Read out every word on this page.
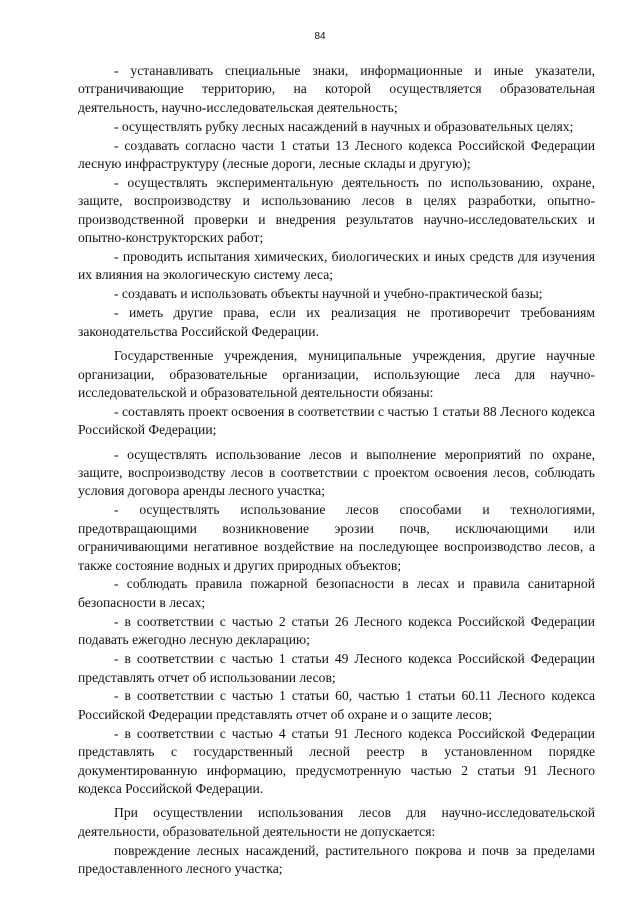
84

- устанавливать специальные знаки, информационные и иные указатели, отграничивающие территорию, на которой осуществляется образовательная деятельность, научно-исследовательская деятельность;

- осуществлять рубку лесных насаждений в научных и образовательных целях;

- создавать согласно части 1 статьи 13 Лесного кодекса Российской Федерации лесную инфраструктуру (лесные дороги, лесные склады и другую);

- осуществлять экспериментальную деятельность по использованию, охране, защите, воспроизводству и использованию лесов в целях разработки, опытно-производственной проверки и внедрения результатов научно-исследовательских и опытно-конструкторских работ;

- проводить испытания химических, биологических и иных средств для изучения их влияния на экологическую систему леса;

- создавать и использовать объекты научной и учебно-практической базы;

- иметь другие права, если их реализация не противоречит требованиям законодательства Российской Федерации.

Государственные учреждения, муниципальные учреждения, другие научные организации, образовательные организации, использующие леса для научно-исследовательской и образовательной деятельности обязаны:

- составлять проект освоения в соответствии с частью 1 статьи 88 Лесного кодекса Российской Федерации;

- осуществлять использование лесов и выполнение мероприятий по охране, защите, воспроизводству лесов в соответствии с проектом освоения лесов, соблюдать условия договора аренды лесного участка;

- осуществлять использование лесов способами и технологиями, предотвращающими возникновение эрозии почв, исключающими или ограничивающими негативное воздействие на последующее воспроизводство лесов, а также состояние водных и других природных объектов;

- соблюдать правила пожарной безопасности в лесах и правила санитарной безопасности в лесах;

- в соответствии с частью 2 статьи 26 Лесного кодекса Российской Федерации подавать ежегодно лесную декларацию;

- в соответствии с частью 1 статьи 49 Лесного кодекса Российской Федерации представлять отчет об использовании лесов;

- в соответствии с частью 1 статьи 60, частью 1 статьи 60.11 Лесного кодекса Российской Федерации представлять отчет об охране и о защите лесов;

- в соответствии с частью 4 статьи 91 Лесного кодекса Российской Федерации представлять с государственный лесной реестр в установленном порядке документированную информацию, предусмотренную частью 2 статьи 91 Лесного кодекса Российской Федерации.

При осуществлении использования лесов для научно-исследовательской деятельности, образовательной деятельности не допускается:

повреждение лесных насаждений, растительного покрова и почв за пределами предоставленного лесного участка;
